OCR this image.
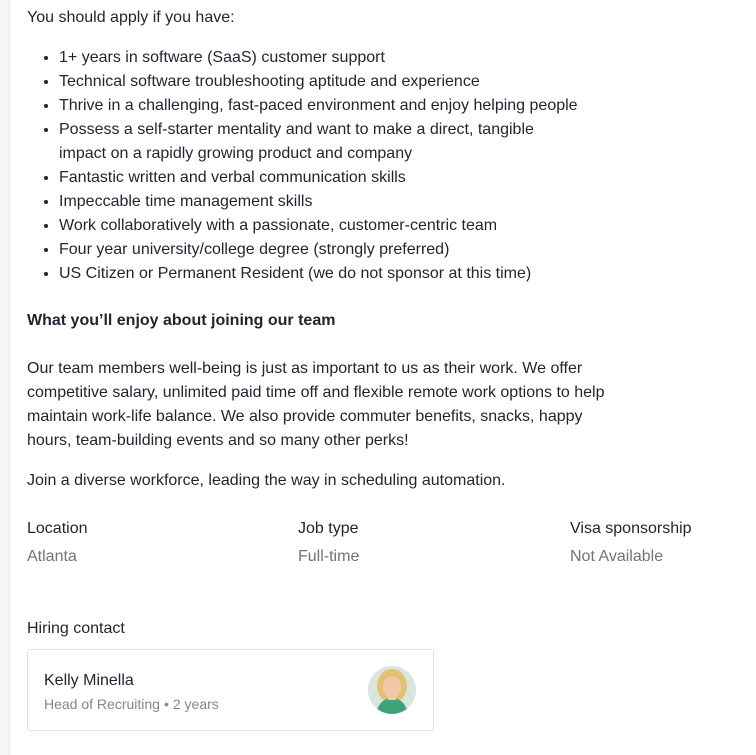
You should apply if you have:

• 1+ years in software (SaaS) customer support
• Technical software troubleshooting aptitude and experience
• Thrive in a challenging, fast-paced environment and enjoy helping people
• Possess a self-starter mentality and want to make a direct, tangible impact on a rapidly growing product and company
• Fantastic written and verbal communication skills
• Impeccable time management skills
• Work collaboratively with a passionate, customer-centric team
• Four year university/college degree (strongly preferred)
• US Citizen or Permanent Resident (we do not sponsor at this time)
What you’ll enjoy about joining our team

Our team members well-being is just as important to us as their work. We offer competitive salary, unlimited paid time off and flexible remote work options to help maintain work-life balance. We also provide commuter benefits, snacks, happy hours, team-building events and so many other perks!

Join a diverse workforce, leading the way in scheduling automation.

Location
Atlanta
Job type
Full-time
Visa sponsorship
Not Available
Hiring contact
Kelly Minella
Head of Recruiting • 2 years
